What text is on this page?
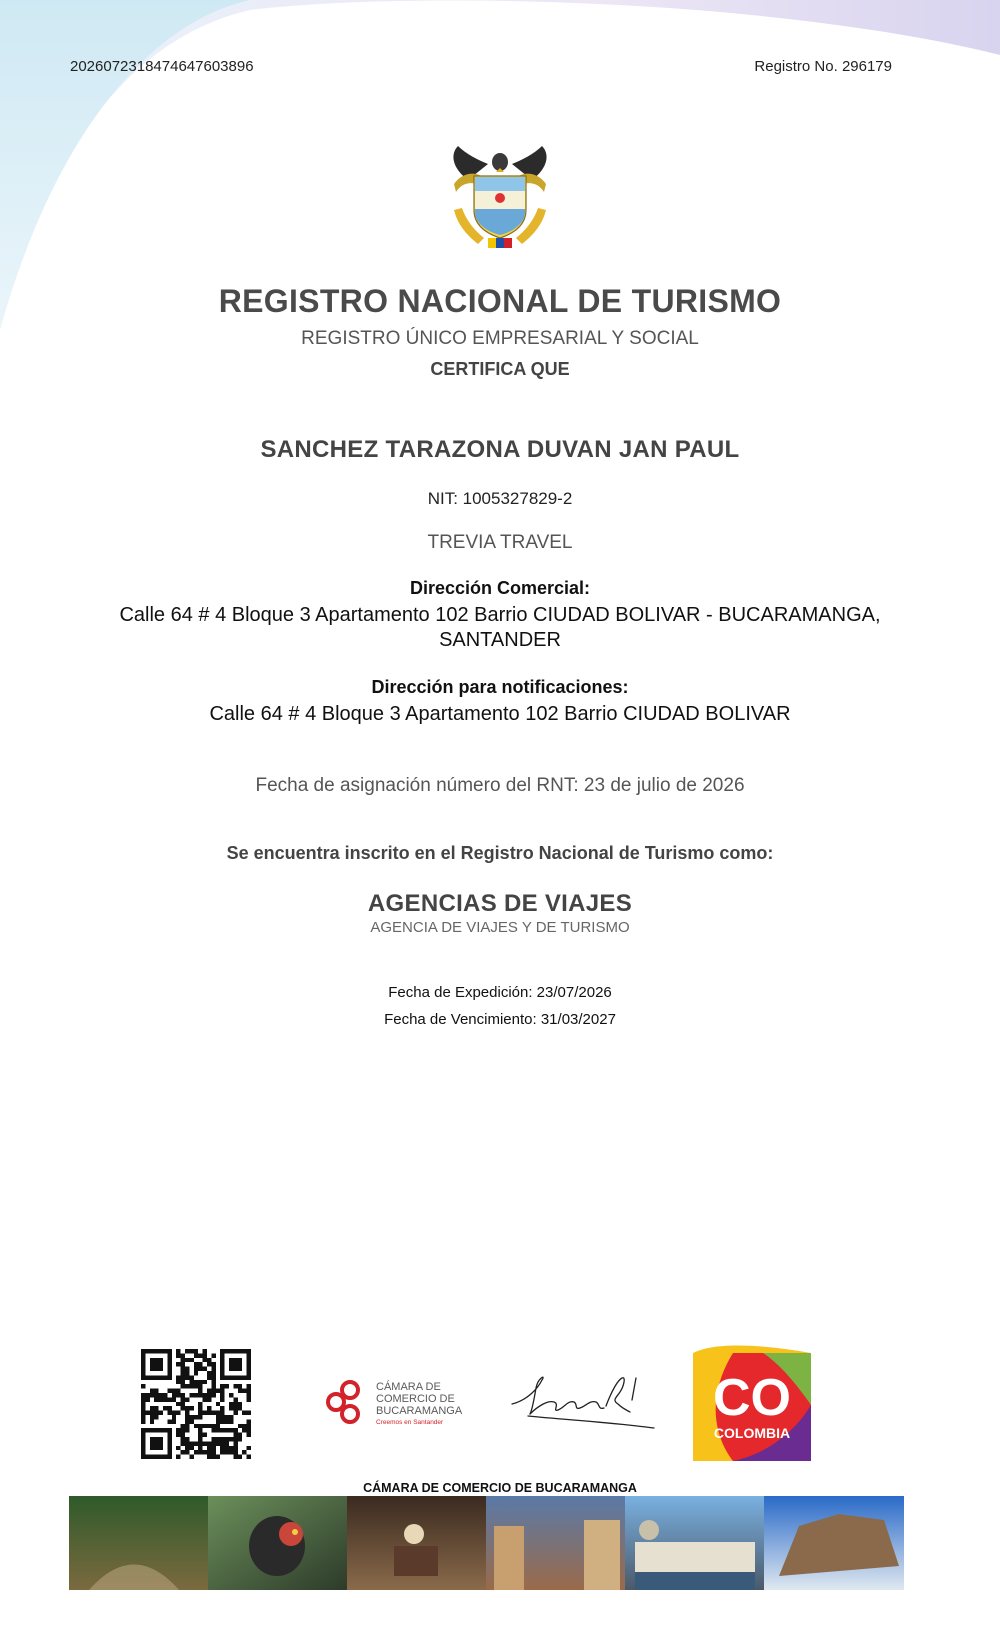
20260723184746476038​96	Registro No. 296179
REGISTRO NACIONAL DE TURISMO
REGISTRO ÚNICO EMPRESARIAL Y SOCIAL
CERTIFICA QUE
SANCHEZ TARAZONA DUVAN JAN PAUL
NIT: 1005327829-2
TREVIA TRAVEL
Dirección Comercial:
Calle 64 # 4 Bloque 3 Apartamento 102 Barrio CIUDAD BOLIVAR - BUCARAMANGA,
SANTANDER
Dirección para notificaciones:
Calle 64 # 4 Bloque 3 Apartamento 102 Barrio CIUDAD BOLIVAR
Fecha de asignación número del RNT: 23 de julio de 2026
Se encuentra inscrito en el Registro Nacional de Turismo como:
AGENCIAS DE VIAJES
AGENCIA DE VIAJES Y DE TURISMO
Fecha de Expedición: 23/07/2026
Fecha de Vencimiento: 31/03/2027
CÁMARA DE
COMERCIO DE
BUCARAMANGA
Creemos en Santander	CO
COLOMBIA
CÁMARA DE COMERCIO DE BUCARAMANGA
